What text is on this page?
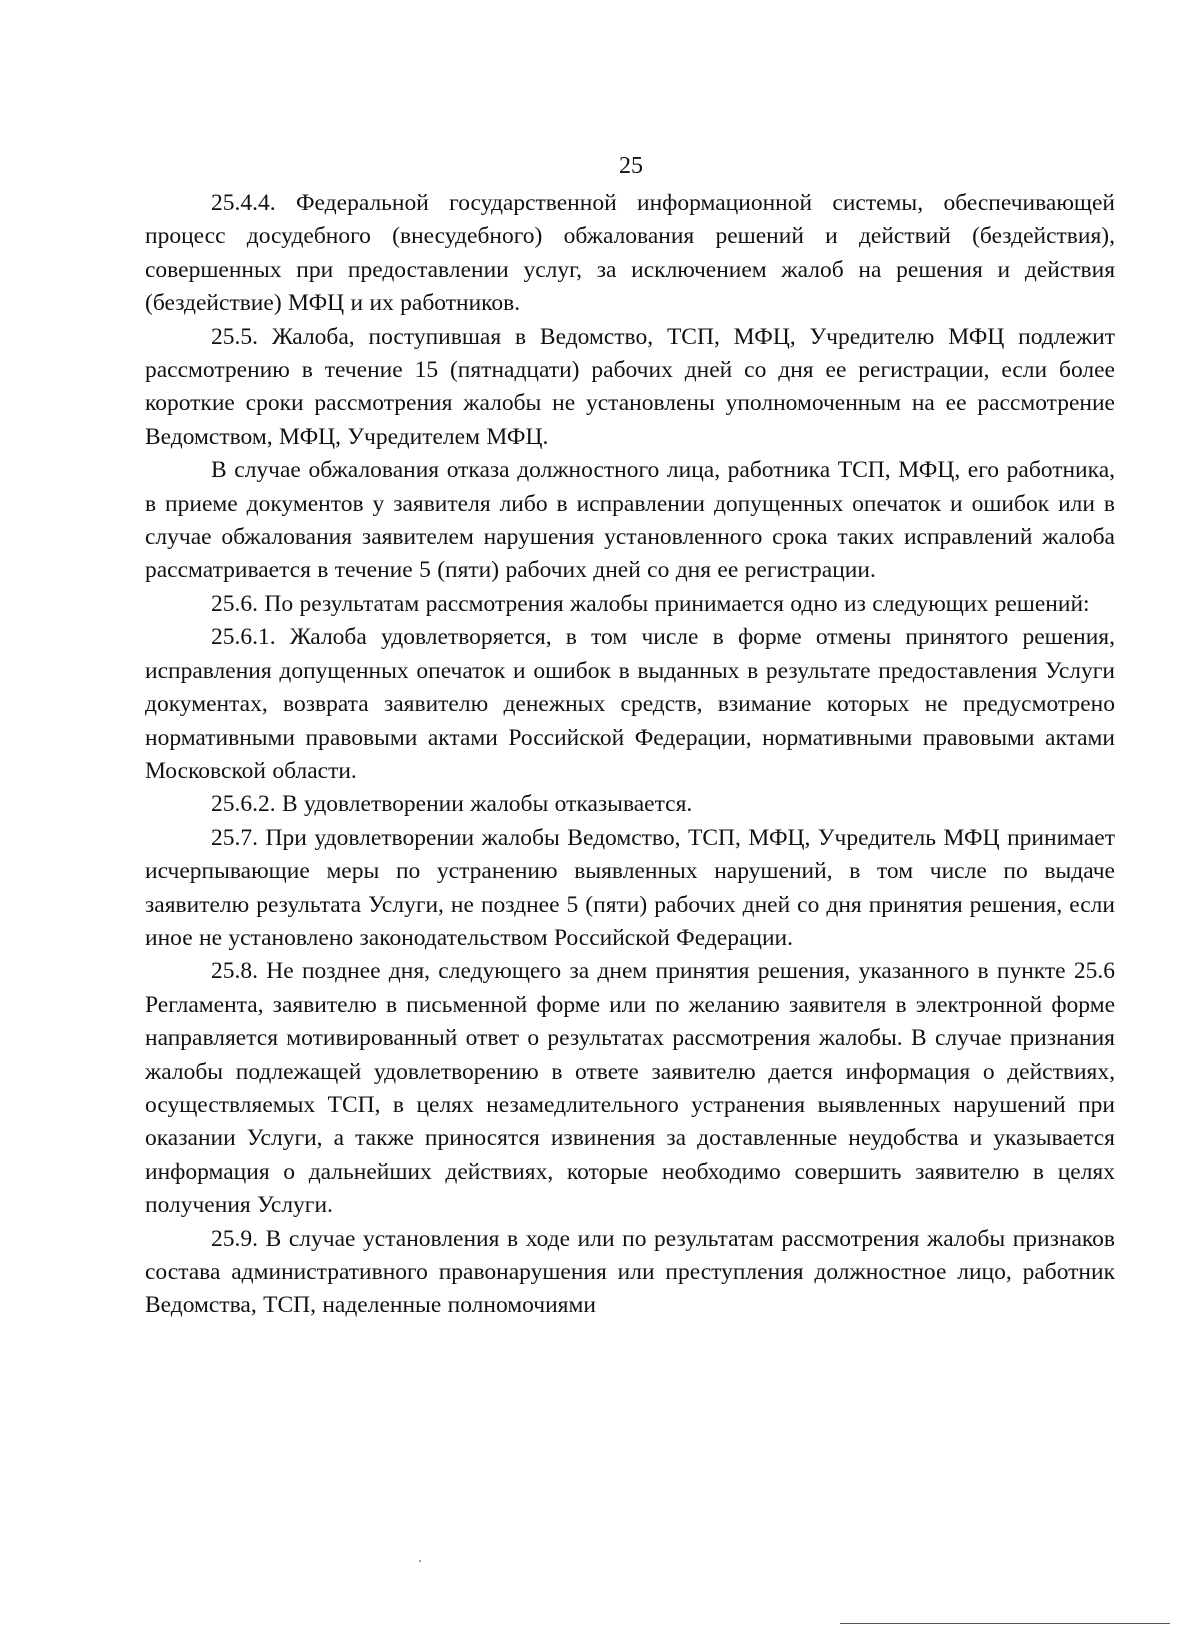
25

25.4.4. Федеральной государственной информационной системы, обеспечивающей процесс досудебного (внесудебного) обжалования решений и действий (бездействия), совершенных при предоставлении услуг, за исключением жалоб на решения и действия (бездействие) МФЦ и их работников.

25.5. Жалоба, поступившая в Ведомство, ТСП, МФЦ, Учредителю МФЦ подлежит рассмотрению в течение 15 (пятнадцати) рабочих дней со дня ее регистрации, если более короткие сроки рассмотрения жалобы не установлены уполномоченным на ее рассмотрение Ведомством, МФЦ, Учредителем МФЦ.

В случае обжалования отказа должностного лица, работника ТСП, МФЦ, его работника, в приеме документов у заявителя либо в исправлении допущенных опечаток и ошибок или в случае обжалования заявителем нарушения установленного срока таких исправлений жалоба рассматривается в течение 5 (пяти) рабочих дней со дня ее регистрации.

25.6. По результатам рассмотрения жалобы принимается одно из следующих решений:

25.6.1. Жалоба удовлетворяется, в том числе в форме отмены принятого решения, исправления допущенных опечаток и ошибок в выданных в результате предоставления Услуги документах, возврата заявителю денежных средств, взимание которых не предусмотрено нормативными правовыми актами Российской Федерации, нормативными правовыми актами Московской области.

25.6.2. В удовлетворении жалобы отказывается.

25.7. При удовлетворении жалобы Ведомство, ТСП, МФЦ, Учредитель МФЦ принимает исчерпывающие меры по устранению выявленных нарушений, в том числе по выдаче заявителю результата Услуги, не позднее 5 (пяти) рабочих дней со дня принятия решения, если иное не установлено законодательством Российской Федерации.

25.8. Не позднее дня, следующего за днем принятия решения, указанного в пункте 25.6 Регламента, заявителю в письменной форме или по желанию заявителя в электронной форме направляется мотивированный ответ о результатах рассмотрения жалобы. В случае признания жалобы подлежащей удовлетворению в ответе заявителю дается информация о действиях, осуществляемых ТСП, в целях незамедлительного устранения выявленных нарушений при оказании Услуги, а также приносятся извинения за доставленные неудобства и указывается информация о дальнейших действиях, которые необходимо совершить заявителю в целях получения Услуги.

25.9. В случае установления в ходе или по результатам рассмотрения жалобы признаков состава административного правонарушения или преступления должностное лицо, работник Ведомства, ТСП, наделенные полномочиями
